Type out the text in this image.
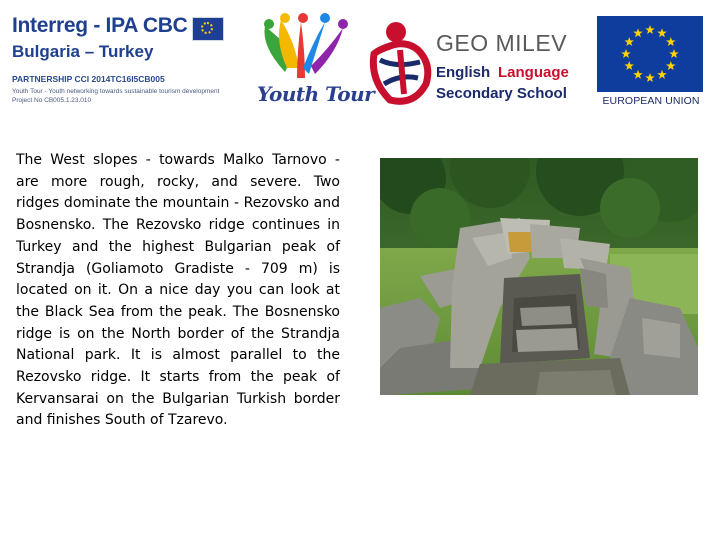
Interreg - IPA CBC
Bulgaria – Turkey
PARTNERSHIP CCI 2014TC16I5CB005
Youth Tour - Youth networking towards sustainable tourism development
Project No CB005.1.23.010	Youth Tour
GEO MILEV
English Language
Secondary School	EUROPEAN UNION

The West slopes - towards Malko Tarnovo - are more rough, rocky, and severe. Two ridges dominate the mountain - Rezovsko and Bosnensko. The Rezovsko ridge continues in Turkey and the highest Bulgarian peak of Strandja (Goliamoto Gradiste - 709 m) is located on it. On a nice day you can look at the Black Sea from the peak. The Bosnensko ridge is on the North border of the Strandja National park. It is almost parallel to the Rezovsko ridge. It starts from the peak of Kervansarai on the Bulgarian Turkish border and finishes South of Tzarevo.
